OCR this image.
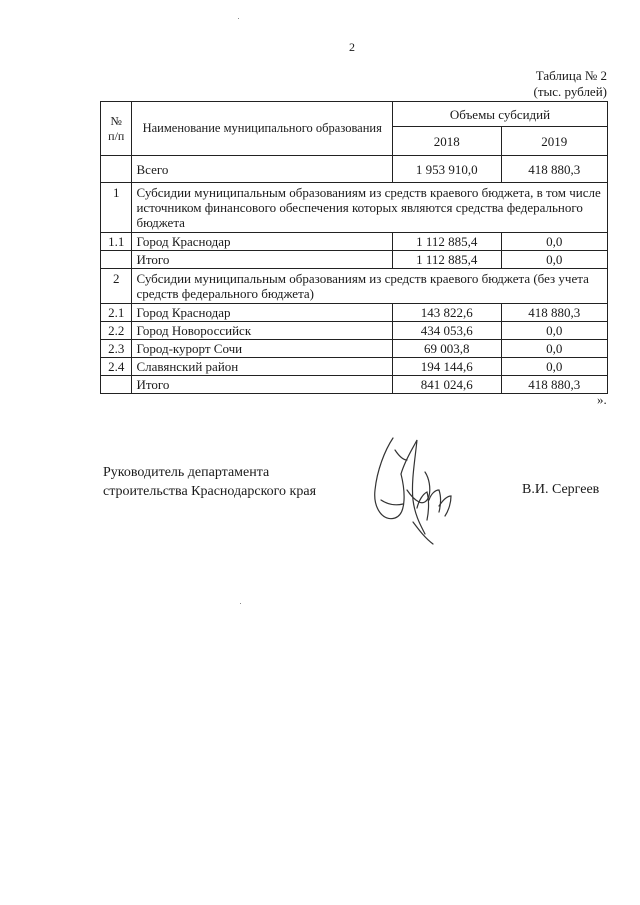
2
Таблица № 2
(тыс. рублей)
№
п/п	Наименование муниципального образования	Объемы субсидий	
		2018	2019
	Всего	1 953 910,0	418 880,3
1	Субсидии муниципальным образованиям из средств краевого бюджета, в том числе источником финансового обеспечения которых являются средства федерального бюджета		
1.1	Город Краснодар	1 112 885,4	0,0
	Итого	1 112 885,4	0,0
2	Субсидии муниципальным образованиям из средств краевого бюджета (без учета средств федерального бюджета)		
2.1	Город Краснодар	143 822,6	418 880,3
2.2	Город Новороссийск	434 053,6	0,0
2.3	Город-курорт Сочи	69 003,8	0,0
2.4	Славянский район	194 144,6	0,0
	Итого	841 024,6	418 880,3
».
Руководитель департамента
строительства Краснодарского края	В.И. Сергеев
